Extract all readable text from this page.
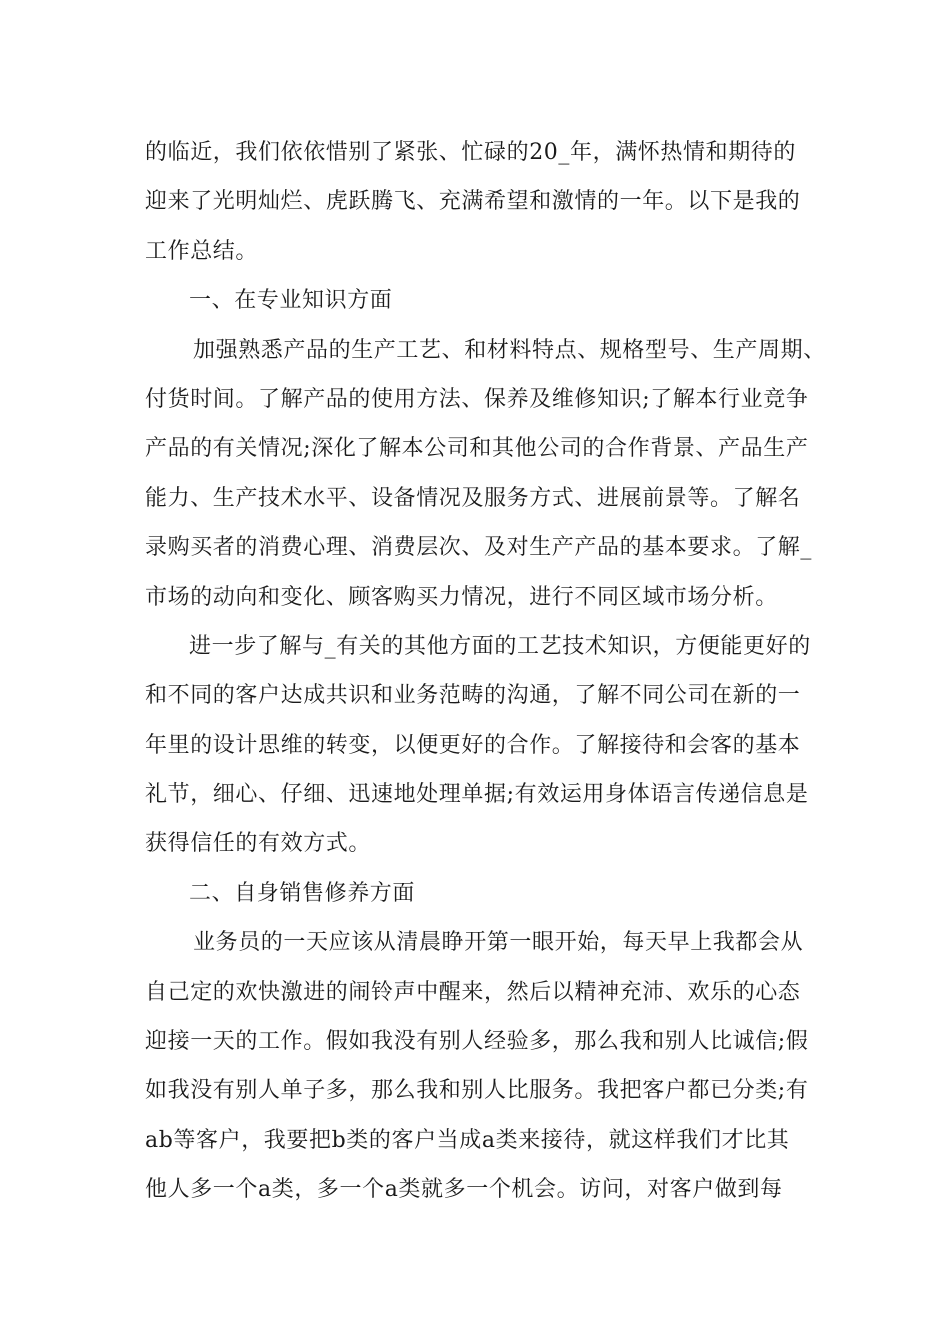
的临近，我们依依惜别了紧张、忙碌的20_年，满怀热情和期待的
迎来了光明灿烂、虎跃腾飞、充满希望和激情的一年。以下是我的
工作总结。
一、在专业知识方面
加强熟悉产品的生产工艺、和材料特点、规格型号、生产周期、
付货时间。了解产品的使用方法、保养及维修知识;了解本行业竞争
产品的有关情况;深化了解本公司和其他公司的合作背景、产品生产
能力、生产技术水平、设备情况及服务方式、进展前景等。了解名
录购买者的消费心理、消费层次、及对生产产品的基本要求。了解_
市场的动向和变化、顾客购买力情况，进行不同区域市场分析。
进一步了解与_有关的其他方面的工艺技术知识，方便能更好的
和不同的客户达成共识和业务范畴的沟通，了解不同公司在新的一
年里的设计思维的转变，以便更好的合作。了解接待和会客的基本
礼节，细心、仔细、迅速地处理单据;有效运用身体语言传递信息是
获得信任的有效方式。
二、自身销售修养方面
业务员的一天应该从清晨睁开第一眼开始，每天早上我都会从
自己定的欢快激进的闹铃声中醒来，然后以精神充沛、欢乐的心态
迎接一天的工作。假如我没有别人经验多，那么我和别人比诚信;假
如我没有别人单子多，那么我和别人比服务。我把客户都已分类;有
ab等客户，我要把b类的客户当成a类来接待，就这样我们才比其
他人多一个a类，多一个a类就多一个机会。访问，对客户做到每
